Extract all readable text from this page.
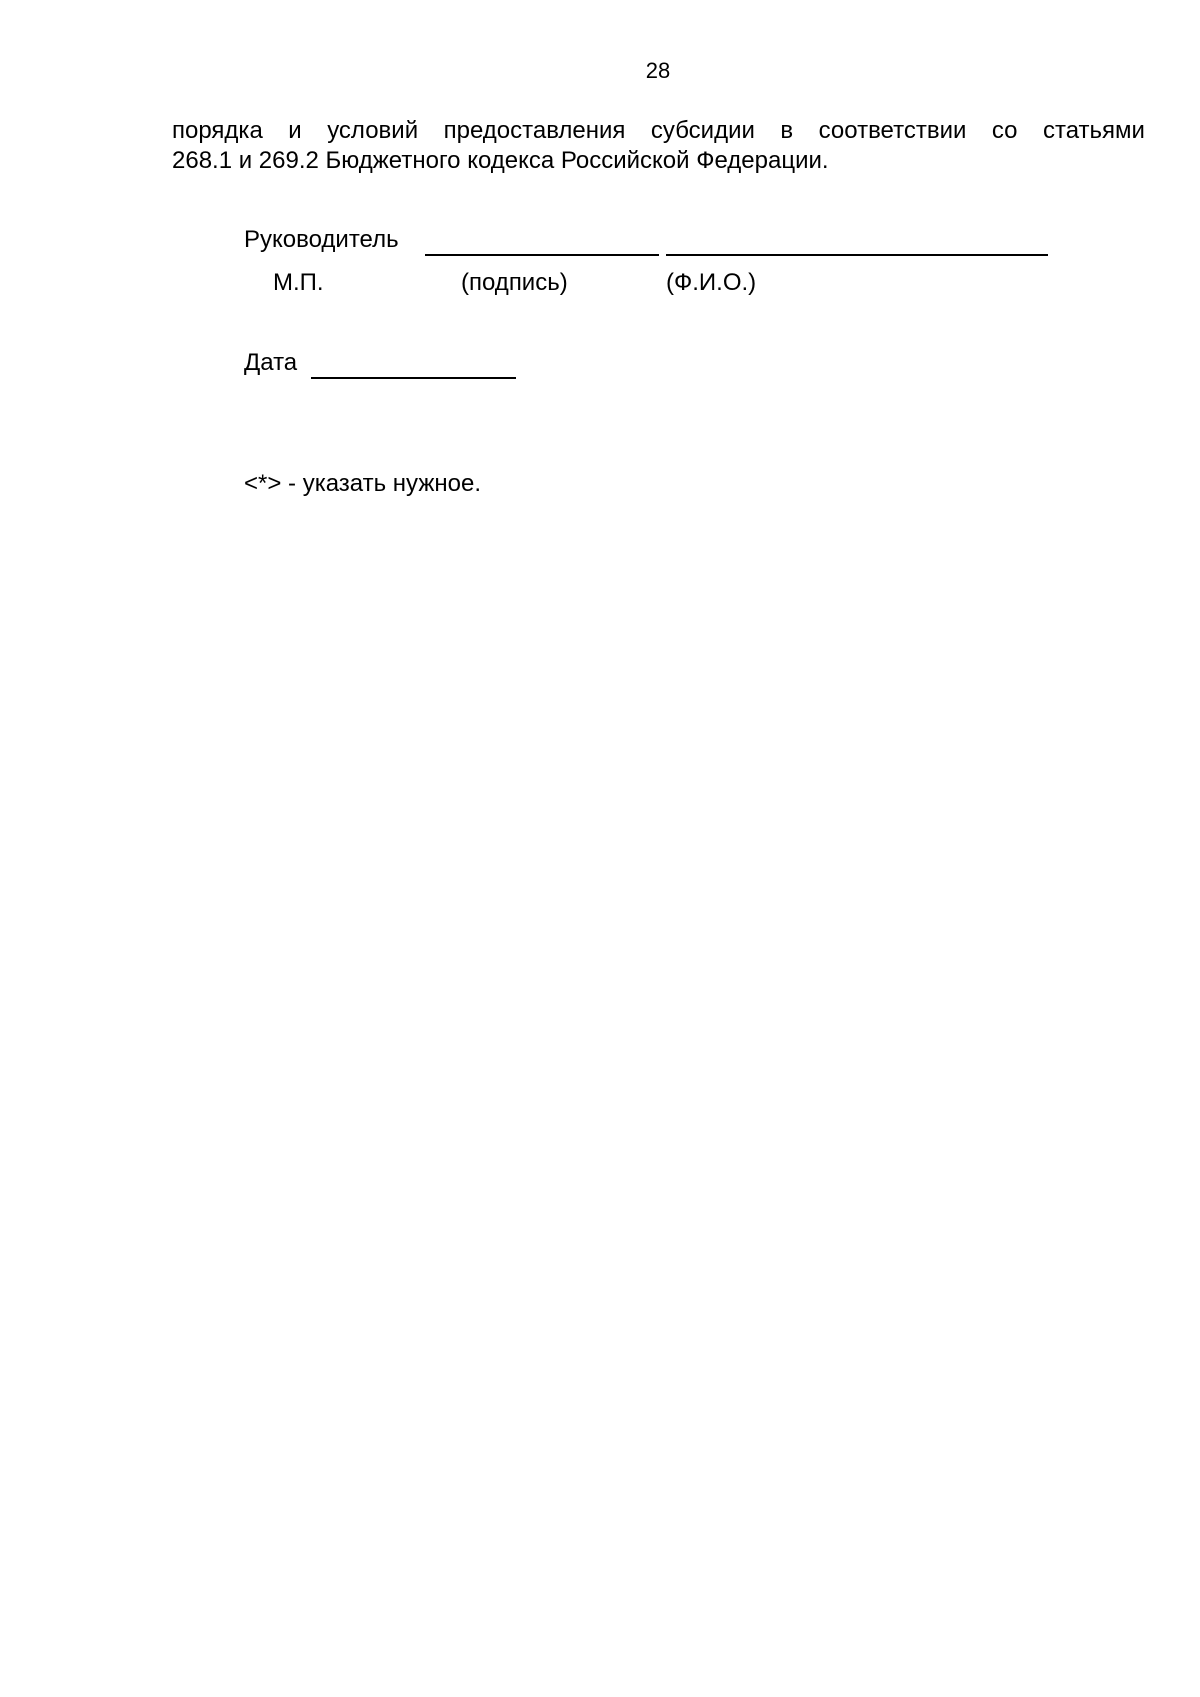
28
порядка и условий предоставления субсидии в соответствии со статьями
268.1 и 269.2 Бюджетного кодекса Российской Федерации.
Руководитель
М.П.	(подпись)	(Ф.И.О.)
Дата
<*> - указать нужное.
